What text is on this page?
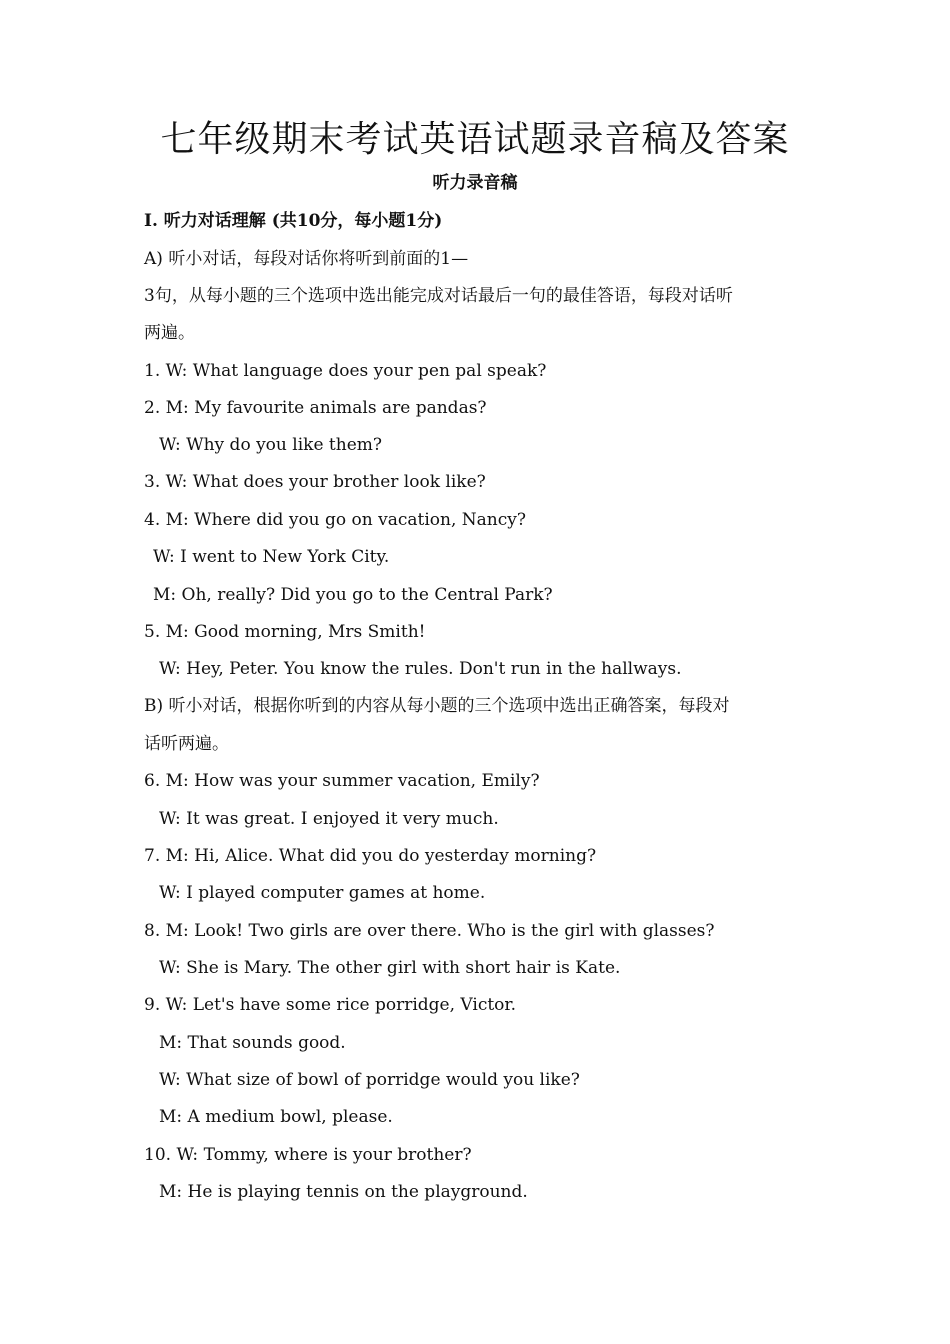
七年级期末考试英语试题录音稿及答案
听力录音稿
I. 听力对话理解 (共10分，每小题1分)
A) 听小对话，每段对话你将听到前面的1—
3句，从每小题的三个选项中选出能完成对话最后一句的最佳答语，每段对话听
两遍。
1. W: What language does your pen pal speak?
2. M: My favourite animals are pandas?
W: Why do you like them?
3. W: What does your brother look like?
4. M: Where did you go on vacation, Nancy?
W: I went to New York City.
M: Oh, really? Did you go to the Central Park?
5. M: Good morning, Mrs Smith!
W: Hey, Peter. You know the rules. Don't run in the hallways.
B) 听小对话，根据你听到的内容从每小题的三个选项中选出正确答案，每段对
话听两遍。
6. M: How was your summer vacation, Emily?
W: It was great. I enjoyed it very much.
7. M: Hi, Alice. What did you do yesterday morning?
W: I played computer games at home.
8. M: Look! Two girls are over there. Who is the girl with glasses?
W: She is Mary. The other girl with short hair is Kate.
9. W: Let's have some rice porridge, Victor.
M: That sounds good.
W: What size of bowl of porridge would you like?
M: A medium bowl, please.
10. W: Tommy, where is your brother?
M: He is playing tennis on the playground.
